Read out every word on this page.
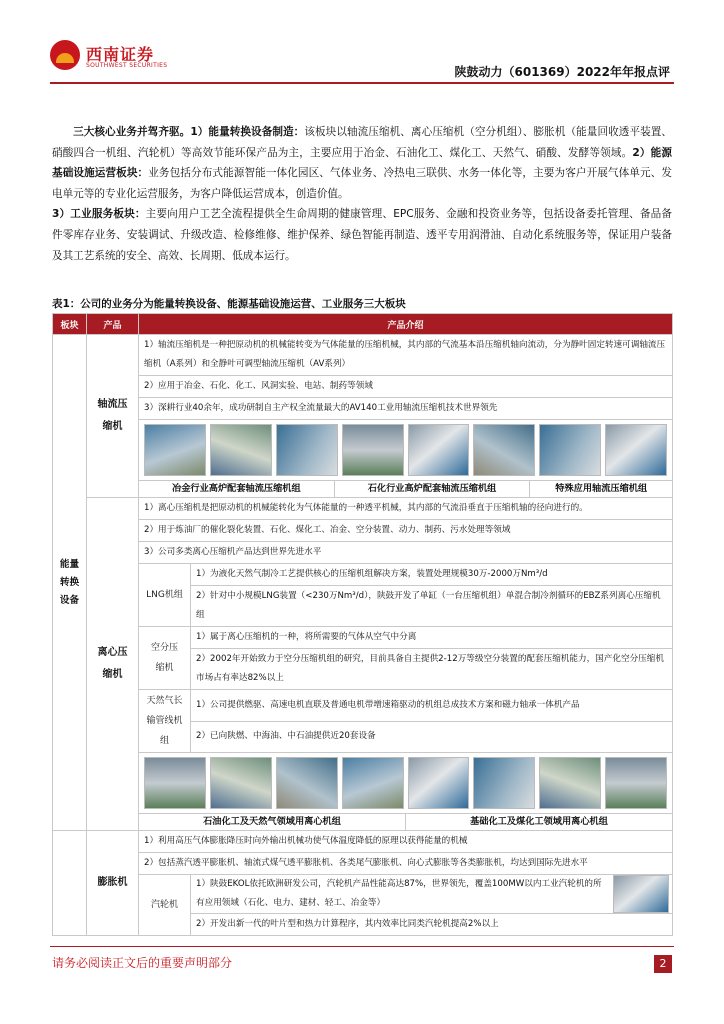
西南证券
SOUTHWEST SECURITIES	陕鼓动力（601369）2022年年报点评
三大核心业务并驾齐驱。1）能量转换设备制造：该板块以轴流压缩机、离心压缩机（空分机组）、膨胀机（能量回收透平装置、硝酸四合一机组、汽轮机）等高效节能环保产品为主，主要应用于冶金、石油化工、煤化工、天然气、硝酸、发酵等领域。2）能源基础设施运营板块：业务包括分布式能源智能一体化园区、气体业务、冷热电三联供、水务一体化等，主要为客户开展气体单元、发电单元等的专业化运营服务，为客户降低运营成本，创造价值。
3）工业服务板块：主要向用户工艺全流程提供全生命周期的健康管理、EPC服务、金融和投资业务等，包括设备委托管理、备品备件零库存业务、安装调试、升级改造、检修维修、维护保养、绿色智能再制造、透平专用润滑油、自动化系统服务等，保证用户装备及其工艺系统的安全、高效、长周期、低成本运行。
表1：公司的业务分为能量转换设备、能源基础设施运营、工业服务三大板块
板块	产品	产品介绍	
能量转换设备	轴流压缩机	1）轴流压缩机是一种把原动机的机械能转变为气体能量的压缩机械，其内部的气流基本沿压缩机轴向流动，分为静叶固定转速可调轴流压缩机（A系列）和全静叶可调型轴流压缩机（AV系列）	
		2）应用于冶金、石化、化工、风洞实验、电站、制药等领域	
		3）深耕行业40余年，成功研制自主产权全流量最大的AV140工业用轴流压缩机技术世界领先	

		冶金行业高炉配套轴流压缩机组 石化行业高炉配套轴流压缩机组 特殊应用轴流压缩机组	

	离心压缩机	1）离心压缩机是把原动机的机械能转化为气体能量的一种透平机械，其内部的气流沿垂直于压缩机轴的径向进行的。	
		2）用于炼油厂的催化裂化装置、石化、煤化工、冶金、空分装置、动力、制药、污水处理等领域	
		3）公司多类离心压缩机产品达到世界先进水平	
		LNG机组	1）为液化天然气制冷工艺提供核心的压缩机组解决方案，装置处理规模30万-2000万Nm³/d
			2）针对中小规模LNG装置（<230万Nm³/d），陕鼓开发了单缸（一台压缩机组）单混合制冷剂循环的EBZ系列离心压缩机组
		空分压缩机	1）属于离心压缩机的一种，将所需要的气体从空气中分离
			2）2002年开始致力于空分压缩机组的研究，目前具备自主提供2-12万等级空分装置的配套压缩机能力，国产化空分压缩机市场占有率达82%以上
		天然气长输管线机组	1）公司提供燃驱、高速电机直联及普通电机带增速箱驱动的机组总成技术方案和磁力轴承一体机产品
			2）已向陕燃、中海油、中石油提供近20套设备

		石油化工及天然气领域用离心机组 基础化工及煤化工领域用离心机组	

	膨胀机	1）利用高压气体膨胀降压时向外输出机械功使气体温度降低的原理以获得能量的机械	
		2）包括蒸汽透平膨胀机、轴流式煤气透平膨胀机、各类尾气膨胀机、向心式膨胀等各类膨胀机，均达到国际先进水平	
		汽轮机	1）陕鼓EKOL依托欧洲研发公司，汽轮机产品性能高达87%，世界领先，覆盖100MW以内工业汽轮机的所有应用领域（石化、电力、建材、轻工、冶金等）

			2）开发出新一代的叶片型和热力计算程序，其内效率比同类汽轮机提高2%以上
请务必阅读正文后的重要声明部分	2
